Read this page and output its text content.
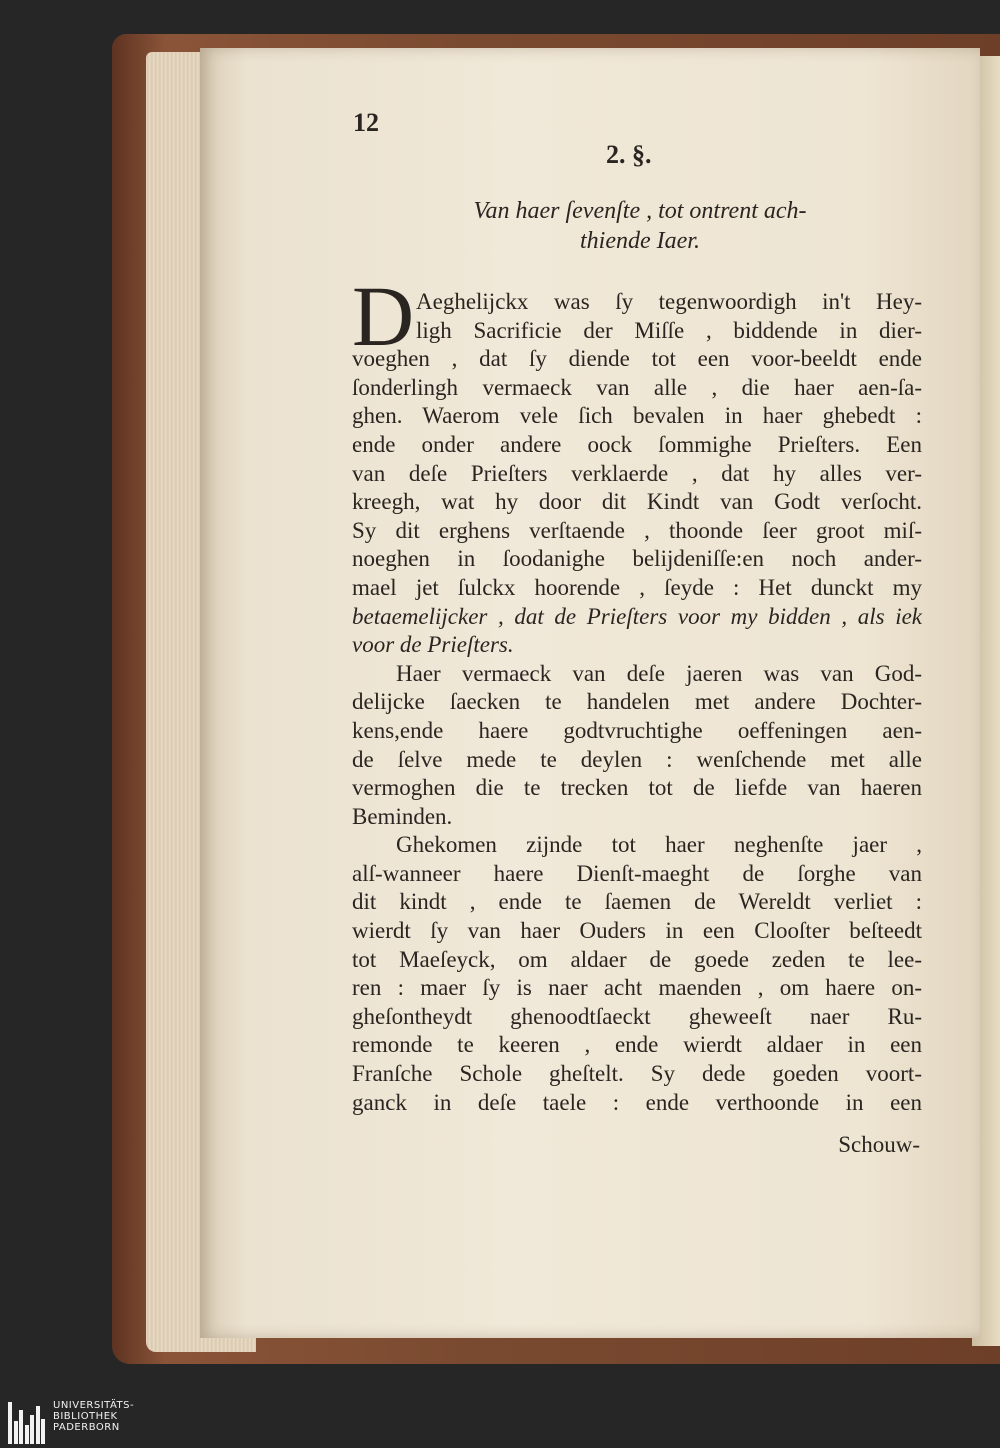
12
2. §.
Van haer ſevenſte , tot ontrent ach-
thiende Iaer.
D Aeghelijckx was ſy tegenwoordigh in't Hey-
ligh Sacrificie der Miſſe , biddende in dier-
voeghen , dat ſy diende tot een voor-beeldt ende
ſonderlingh vermaeck van alle , die haer aen-ſa-
ghen. Waerom vele ſich bevalen in haer ghebedt :
ende onder andere oock ſommighe Prieſters. Een
van deſe Prieſters verklaerde , dat hy alles ver-
kreegh, wat hy door dit Kindt van Godt verſocht.
Sy dit erghens verſtaende , thoonde ſeer groot miſ-
noeghen in ſoodanighe belijdeniſſe:en noch ander-
mael jet ſulckx hoorende , ſeyde : Het dunckt my
betaemelijcker , dat de Prieſters voor my bidden , als iek
voor de Prieſters.
Haer vermaeck van deſe jaeren was van God-
delijcke ſaecken te handelen met andere Dochter-
kens,ende haere godtvruchtighe oeffeningen aen-
de ſelve mede te deylen : wenſchende met alle
vermoghen die te trecken tot de liefde van haeren
Beminden.
Ghekomen zijnde tot haer neghenſte jaer ,
alſ-wanneer haere Dienſt-maeght de ſorghe van
dit kindt , ende te ſaemen de Wereldt verliet :
wierdt ſy van haer Ouders in een Clooſter beſteedt
tot Maeſeyck, om aldaer de goede zeden te lee-
ren : maer ſy is naer acht maenden , om haere on-
gheſontheydt ghenoodtſaeckt gheweeſt naer Ru-
remonde te keeren , ende wierdt aldaer in een
Franſche Schole gheſtelt. Sy dede goeden voort-
ganck in deſe taele : ende verthoonde in een
Schouw-
UNIVERSITÄTS-
BIBLIOTHEK
PADERBORN
